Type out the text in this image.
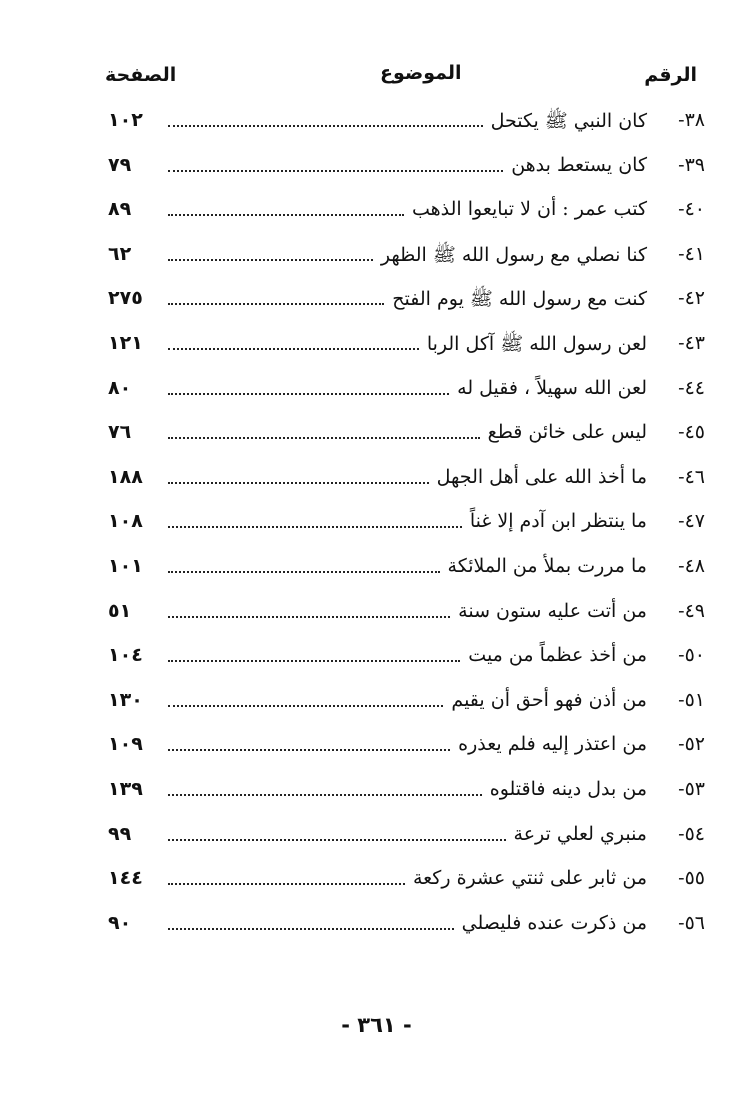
الرقم
الموضوع
الصفحة
٣٨-
كان النبي ﷺ يكتحل
١٠٢
٣٩-
كان يستعط بدهن
٧٩
٤٠-
كتب عمر : أن لا تبايعوا الذهب
٨٩
٤١-
كنا نصلي مع رسول الله ﷺ الظهر
٦٢
٤٢-
كنت مع رسول الله ﷺ يوم الفتح
٢٧٥
٤٣-
لعن رسول الله ﷺ آكل الربا
١٢١
٤٤-
لعن الله سهيلاً ، فقيل له
٨٠
٤٥-
ليس على خائن قطع
٧٦
٤٦-
ما أخذ الله على أهل الجهل
١٨٨
٤٧-
ما ينتظر ابن آدم إلا غناً
١٠٨
٤٨-
ما مررت بملأ من الملائكة
١٠١
٤٩-
من أتت عليه ستون سنة
٥١
٥٠-
من أخذ عظماً من ميت
١٠٤
٥١-
من أذن فهو أحق أن يقيم
١٣٠
٥٢-
من اعتذر إليه فلم يعذره
١٠٩
٥٣-
من بدل دينه فاقتلوه
١٣٩
٥٤-
منبري لعلي ترعة
٩٩
٥٥-
من ثابر على ثنتي عشرة ركعة
١٤٤
٥٦-
من ذكرت عنده فليصلي
٩٠
- ٣٦١ -
